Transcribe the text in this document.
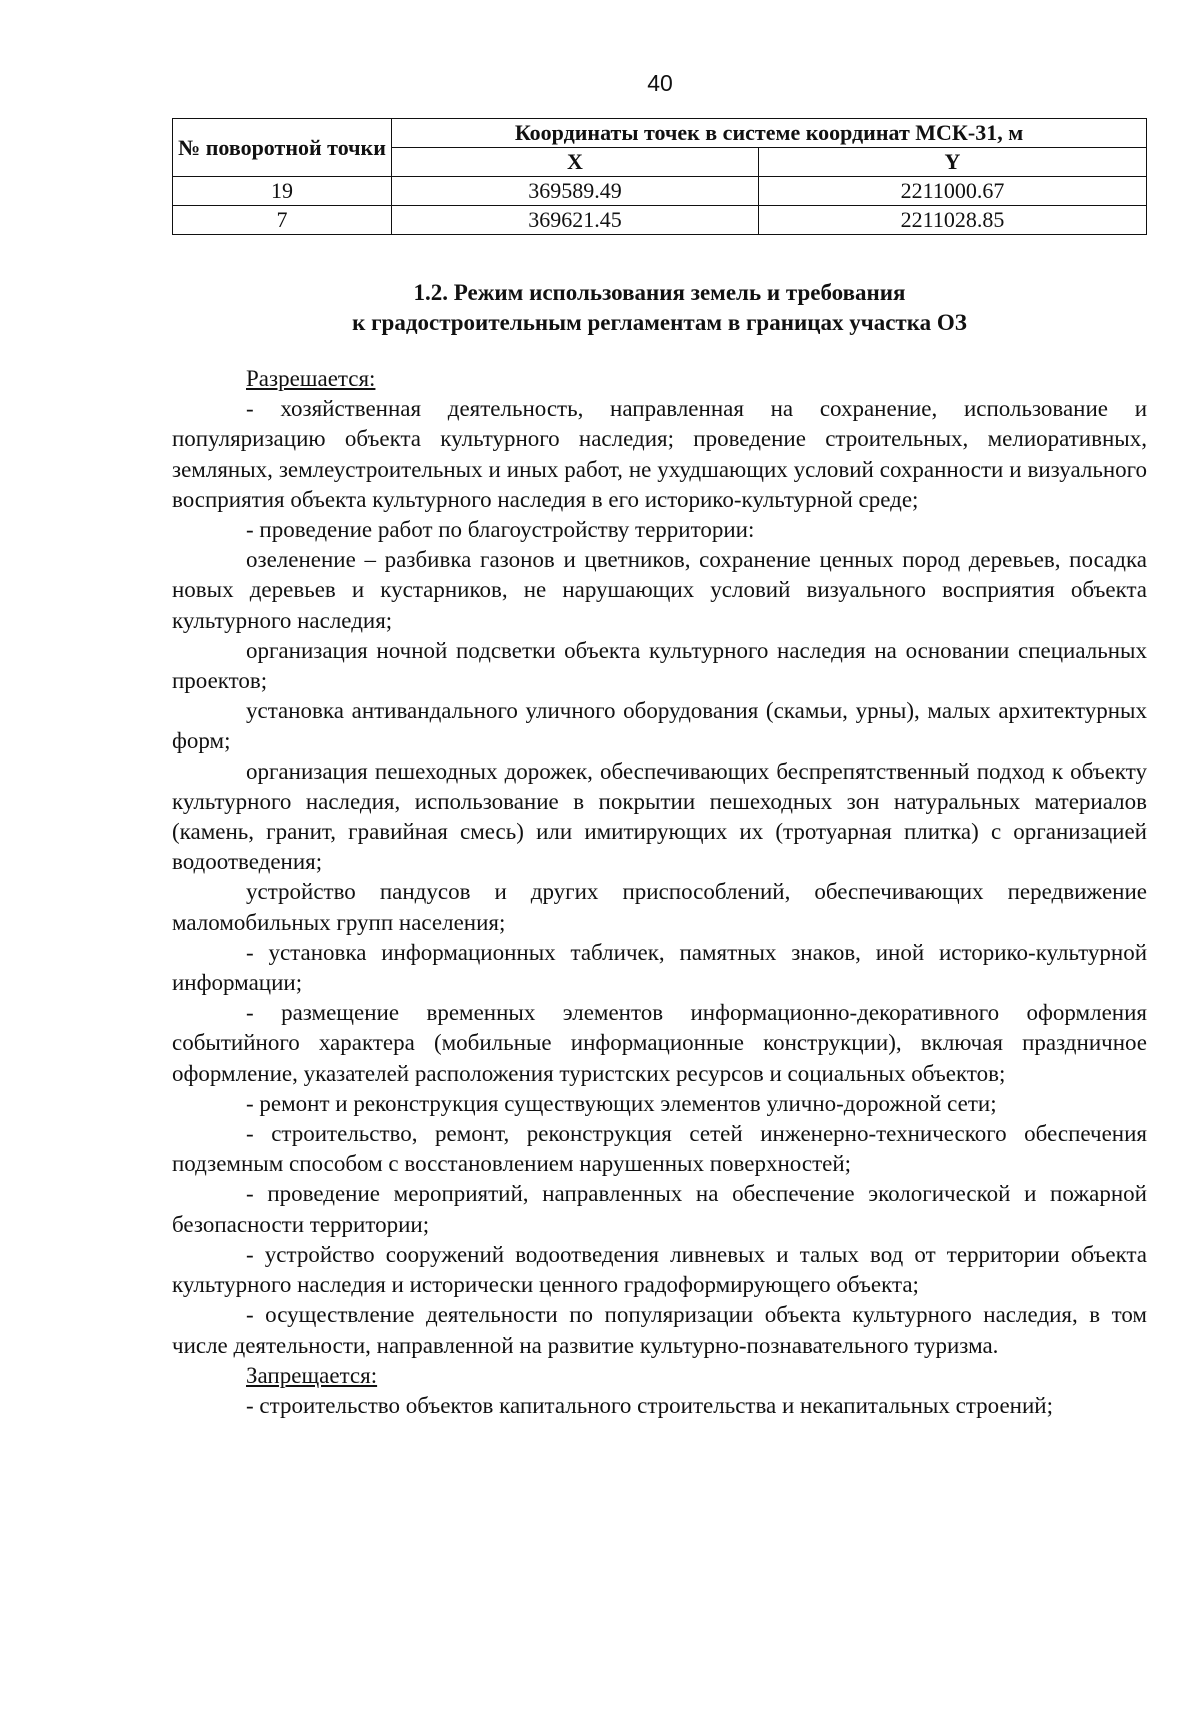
40
№ поворотной точки	Координаты точек в системе координат МСК-31, м	
	X	Y
19	369589.49	2211000.67
7	369621.45	2211028.85
1.2. Режим использования земель и требования
к градостроительным регламентам в границах участка ОЗ

Разрешается:

- хозяйственная деятельность, направленная на сохранение, использование и популяризацию объекта культурного наследия; проведение строительных, мелиоративных, земляных, землеустроительных и иных работ, не ухудшающих условий сохранности и визуального восприятия объекта культурного наследия в его историко-культурной среде;

- проведение работ по благоустройству территории:

озеленение – разбивка газонов и цветников, сохранение ценных пород деревьев, посадка новых деревьев и кустарников, не нарушающих условий визуального восприятия объекта культурного наследия;

организация ночной подсветки объекта культурного наследия на основании специальных проектов;

установка антивандального уличного оборудования (скамьи, урны), малых архитектурных форм;

организация пешеходных дорожек, обеспечивающих беспрепятственный подход к объекту культурного наследия, использование в покрытии пешеходных зон натуральных материалов (камень, гранит, гравийная смесь) или имитирующих их (тротуарная плитка) с организацией водоотведения;

устройство пандусов и других приспособлений, обеспечивающих передвижение маломобильных групп населения;

- установка информационных табличек, памятных знаков, иной историко-культурной информации;

- размещение временных элементов информационно-декоративного оформления событийного характера (мобильные информационные конструкции), включая праздничное оформление, указателей расположения туристских ресурсов и социальных объектов;

- ремонт и реконструкция существующих элементов улично-дорожной сети;

- строительство, ремонт, реконструкция сетей инженерно-технического обеспечения подземным способом с восстановлением нарушенных поверхностей;

- проведение мероприятий, направленных на обеспечение экологической и пожарной безопасности территории;

- устройство сооружений водоотведения ливневых и талых вод от территории объекта культурного наследия и исторически ценного градоформирующего объекта;

- осуществление деятельности по популяризации объекта культурного наследия, в том числе деятельности, направленной на развитие культурно-познавательного туризма.

Запрещается:

- строительство объектов капитального строительства и некапитальных строений;
